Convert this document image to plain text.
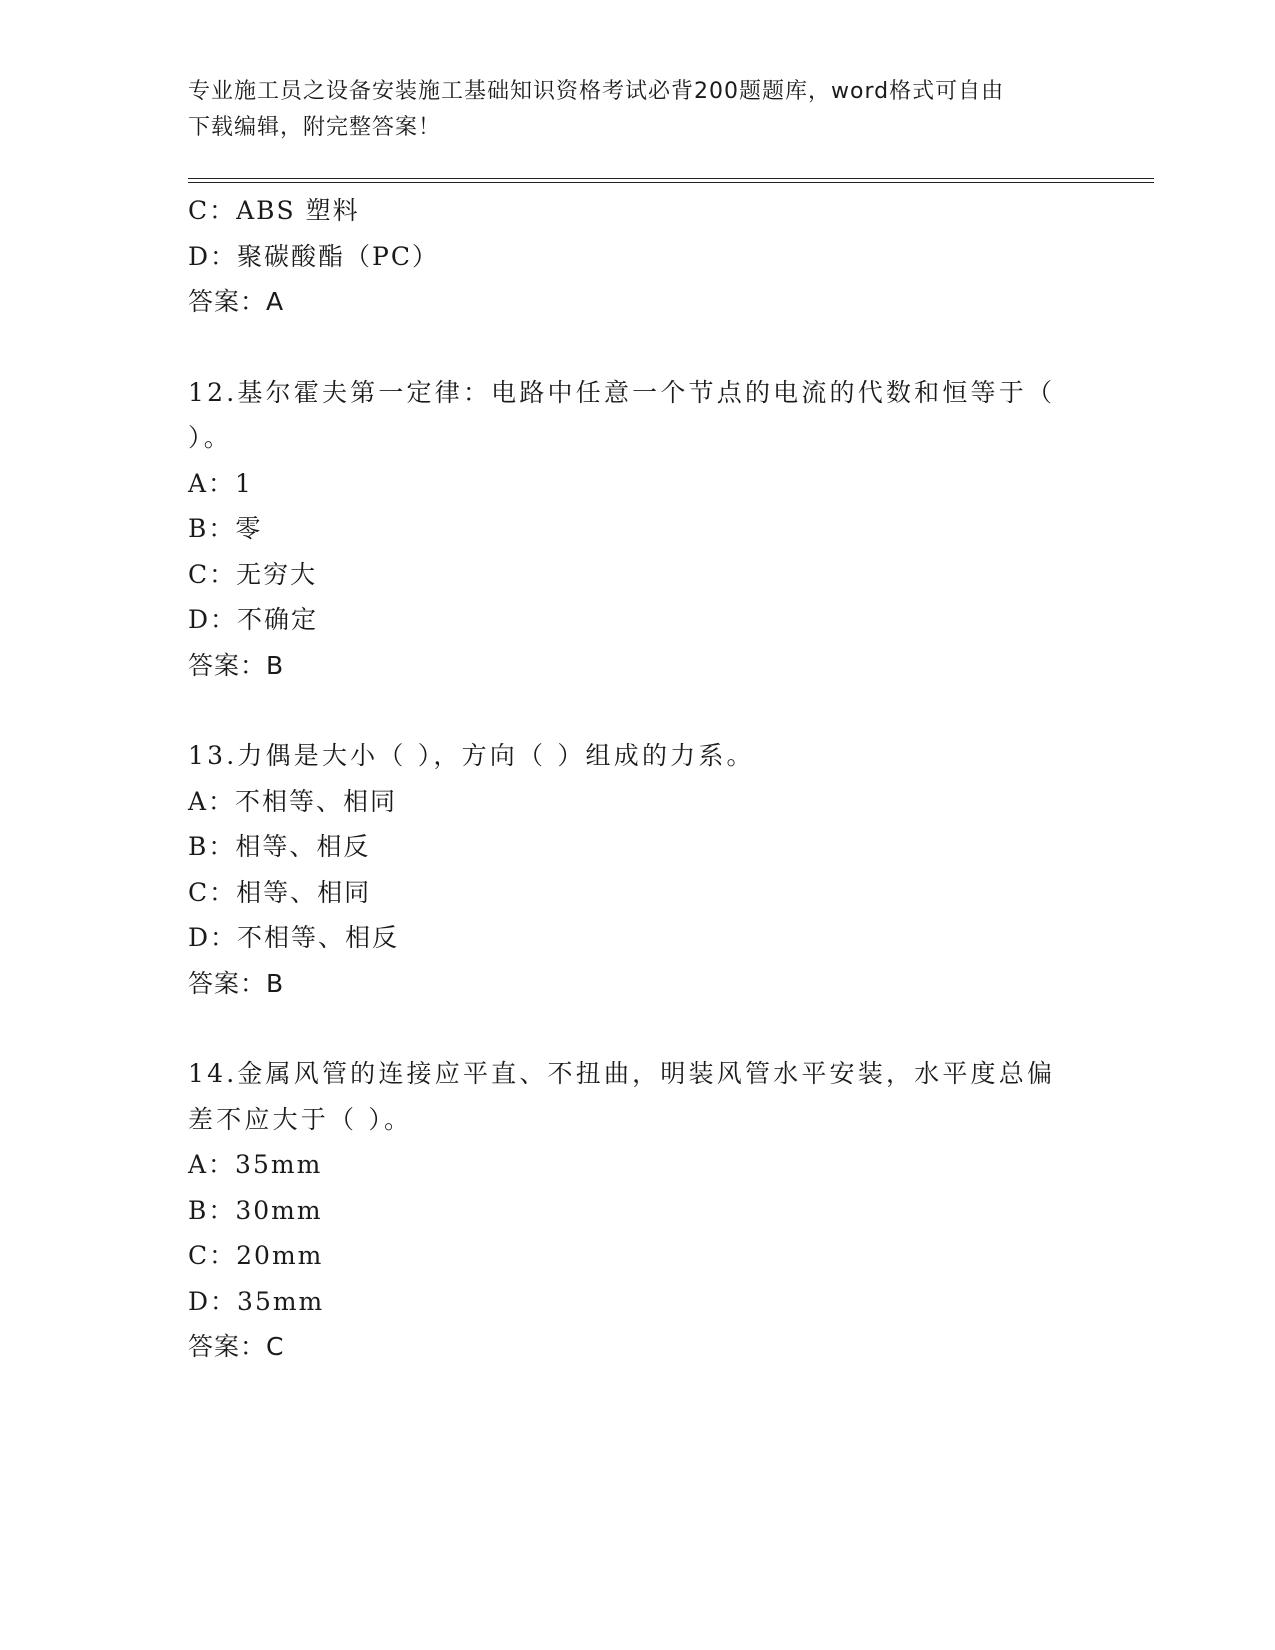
专业施工员之设备安装施工基础知识资格考试必背200题题库，word格式可自由
下载编辑，附完整答案！
C：ABS 塑料
D：聚碳酸酯（PC）
答案：A
12.基尔霍夫第一定律：电路中任意一个节点的电流的代数和恒等于（
）。
A：1
B：零
C：无穷大
D：不确定
答案：B
13.力偶是大小（ ），方向（ ）组成的力系。
A：不相等、相同
B：相等、相反
C：相等、相同
D：不相等、相反
答案：B
14.金属风管的连接应平直、不扭曲，明装风管水平安装，水平度总偏
差不应大于（ ）。
A：35mm
B：30mm
C：20mm
D：35mm
答案：C
